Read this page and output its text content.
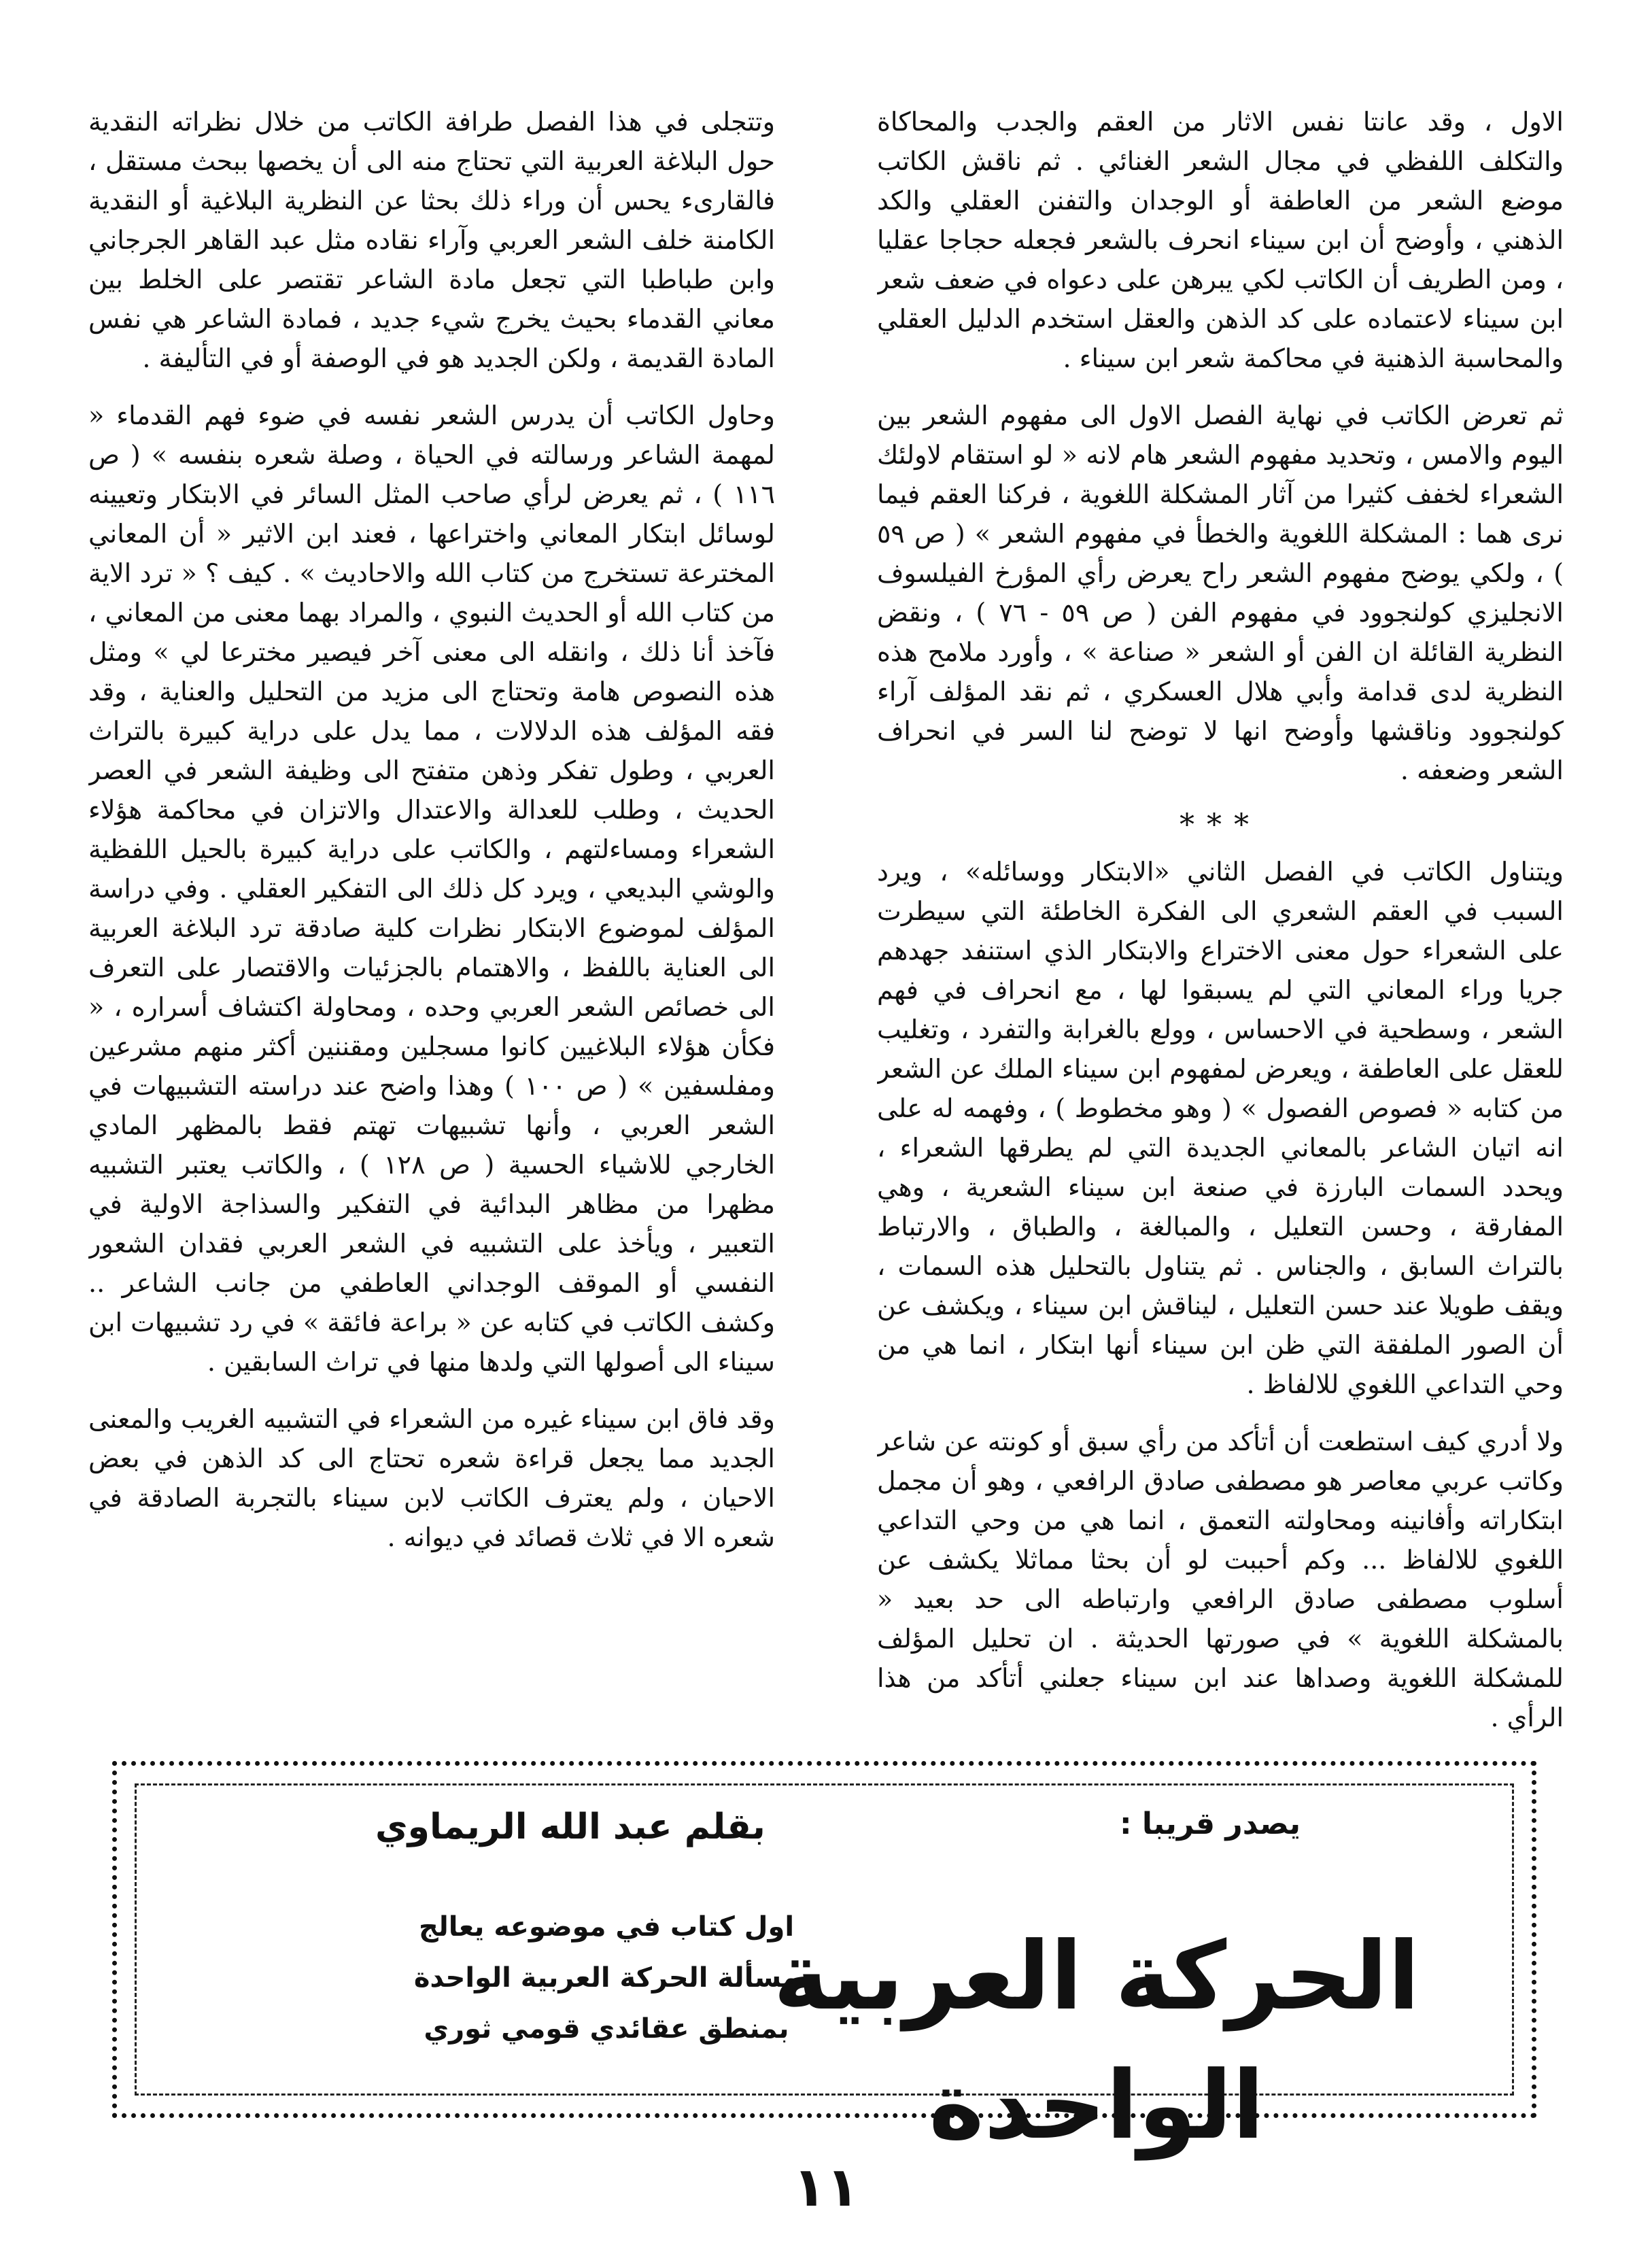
الاول ، وقد عانتا نفس الاثار من العقم والجدب والمحاكاة والتكلف اللفظي في مجال الشعر الغنائي . ثم ناقش الكاتب موضع الشعر من العاطفة أو الوجدان والتفنن العقلي والكد الذهني ، وأوضح أن ابن سيناء انحرف بالشعر فجعله حجاجا عقليا ، ومن الطريف أن الكاتب لكي يبرهن على دعواه في ضعف شعر ابن سيناء لاعتماده على كد الذهن والعقل استخدم الدليل العقلي والمحاسبة الذهنية في محاكمة شعر ابن سيناء .

ثم تعرض الكاتب في نهاية الفصل الاول الى مفهوم الشعر بين اليوم والامس ، وتحديد مفهوم الشعر هام لانه « لو استقام لاولئك الشعراء لخفف كثيرا من آثار المشكلة اللغوية ، فركنا العقم فيما نرى هما : المشكلة اللغوية والخطأ في مفهوم الشعر » ( ص ٥٩ ) ، ولكي يوضح مفهوم الشعر راح يعرض رأي المؤرخ الفيلسوف الانجليزي كولنجوود في مفهوم الفن ( ص ٥٩ - ٧٦ ) ، ونقض النظرية القائلة ان الفن أو الشعر « صناعة » ، وأورد ملامح هذه النظرية لدى قدامة وأبي هلال العسكري ، ثم نقد المؤلف آراء كولنجوود وناقشها وأوضح انها لا توضح لنا السر في انحراف الشعر وضعفه .

***

ويتناول الكاتب في الفصل الثاني «الابتكار ووسائله» ، ويرد السبب في العقم الشعري الى الفكرة الخاطئة التي سيطرت على الشعراء حول معنى الاختراع والابتكار الذي استنفد جهدهم جريا وراء المعاني التي لم يسبقوا لها ، مع انحراف في فهم الشعر ، وسطحية في الاحساس ، وولع بالغرابة والتفرد ، وتغليب للعقل على العاطفة ، ويعرض لمفهوم ابن سيناء الملك عن الشعر من كتابه « فصوص الفصول » ( وهو مخطوط ) ، وفهمه له على انه اتيان الشاعر بالمعاني الجديدة التي لم يطرقها الشعراء ، ويحدد السمات البارزة في صنعة ابن سيناء الشعرية ، وهي المفارقة ، وحسن التعليل ، والمبالغة ، والطباق ، والارتباط بالتراث السابق ، والجناس . ثم يتناول بالتحليل هذه السمات ، ويقف طويلا عند حسن التعليل ، ليناقش ابن سيناء ، ويكشف عن أن الصور الملفقة التي ظن ابن سيناء أنها ابتكار ، انما هي من وحي التداعي اللغوي للالفاظ .

ولا أدري كيف استطعت أن أتأكد من رأي سبق أو كونته عن شاعر وكاتب عربي معاصر هو مصطفى صادق الرافعي ، وهو أن مجمل ابتكاراته وأفانينه ومحاولته التعمق ، انما هي من وحي التداعي اللغوي للالفاظ ... وكم أحببت لو أن بحثا مماثلا يكشف عن أسلوب مصطفى صادق الرافعي وارتباطه الى حد بعيد « بالمشكلة اللغوية » في صورتها الحديثة . ان تحليل المؤلف للمشكلة اللغوية وصداها عند ابن سيناء جعلني أتأكد من هذا الرأي .

وتتجلى في هذا الفصل طرافة الكاتب من خلال نظراته النقدية حول البلاغة العربية التي تحتاج منه الى أن يخصها ببحث مستقل ، فالقارىء يحس أن وراء ذلك بحثا عن النظرية البلاغية أو النقدية الكامنة خلف الشعر العربي وآراء نقاده مثل عبد القاهر الجرجاني وابن طباطبا التي تجعل مادة الشاعر تقتصر على الخلط بين معاني القدماء بحيث يخرج شيء جديد ، فمادة الشاعر هي نفس المادة القديمة ، ولكن الجديد هو في الوصفة أو في التأليفة .

وحاول الكاتب أن يدرس الشعر نفسه في ضوء فهم القدماء « لمهمة الشاعر ورسالته في الحياة ، وصلة شعره بنفسه » ( ص ١١٦ ) ، ثم يعرض لرأي صاحب المثل السائر في الابتكار وتعيينه لوسائل ابتكار المعاني واختراعها ، فعند ابن الاثير « أن المعاني المخترعة تستخرج من كتاب الله والاحاديث » . كيف ؟ « ترد الاية من كتاب الله أو الحديث النبوي ، والمراد بهما معنى من المعاني ، فآخذ أنا ذلك ، وانقله الى معنى آخر فيصير مخترعا لي » ومثل هذه النصوص هامة وتحتاج الى مزيد من التحليل والعناية ، وقد فقه المؤلف هذه الدلالات ، مما يدل على دراية كبيرة بالتراث العربي ، وطول تفكر وذهن متفتح الى وظيفة الشعر في العصر الحديث ، وطلب للعدالة والاعتدال والاتزان في محاكمة هؤلاء الشعراء ومساءلتهم ، والكاتب على دراية كبيرة بالحيل اللفظية والوشي البديعي ، ويرد كل ذلك الى التفكير العقلي . وفي دراسة المؤلف لموضوع الابتكار نظرات كلية صادقة ترد البلاغة العربية الى العناية باللفظ ، والاهتمام بالجزئيات والاقتصار على التعرف الى خصائص الشعر العربي وحده ، ومحاولة اكتشاف أسراره ، « فكأن هؤلاء البلاغيين كانوا مسجلين ومقننين أكثر منهم مشرعين ومفلسفين » ( ص ١٠٠ ) وهذا واضح عند دراسته التشبيهات في الشعر العربي ، وأنها تشبيهات تهتم فقط بالمظهر المادي الخارجي للاشياء الحسية ( ص ١٢٨ ) ، والكاتب يعتبر التشبيه مظهرا من مظاهر البدائية في التفكير والسذاجة الاولية في التعبير ، ويأخذ على التشبيه في الشعر العربي فقدان الشعور النفسي أو الموقف الوجداني العاطفي من جانب الشاعر .. وكشف الكاتب في كتابه عن « براعة فائقة » في رد تشبيهات ابن سيناء الى أصولها التي ولدها منها في تراث السابقين .

وقد فاق ابن سيناء غيره من الشعراء في التشبيه الغريب والمعنى الجديد مما يجعل قراءة شعره تحتاج الى كد الذهن في بعض الاحيان ، ولم يعترف الكاتب لابن سيناء بالتجربة الصادقة في شعره الا في ثلاث قصائد في ديوانه .

يصدر قريبا :
الحركة العربية الواحدة
بقلم عبد الله الريماوي
اول كتاب في موضوعه يعالج
مسألة الحركة العربية الواحدة
بمنطق عقائدي قومي ثوري
١١
